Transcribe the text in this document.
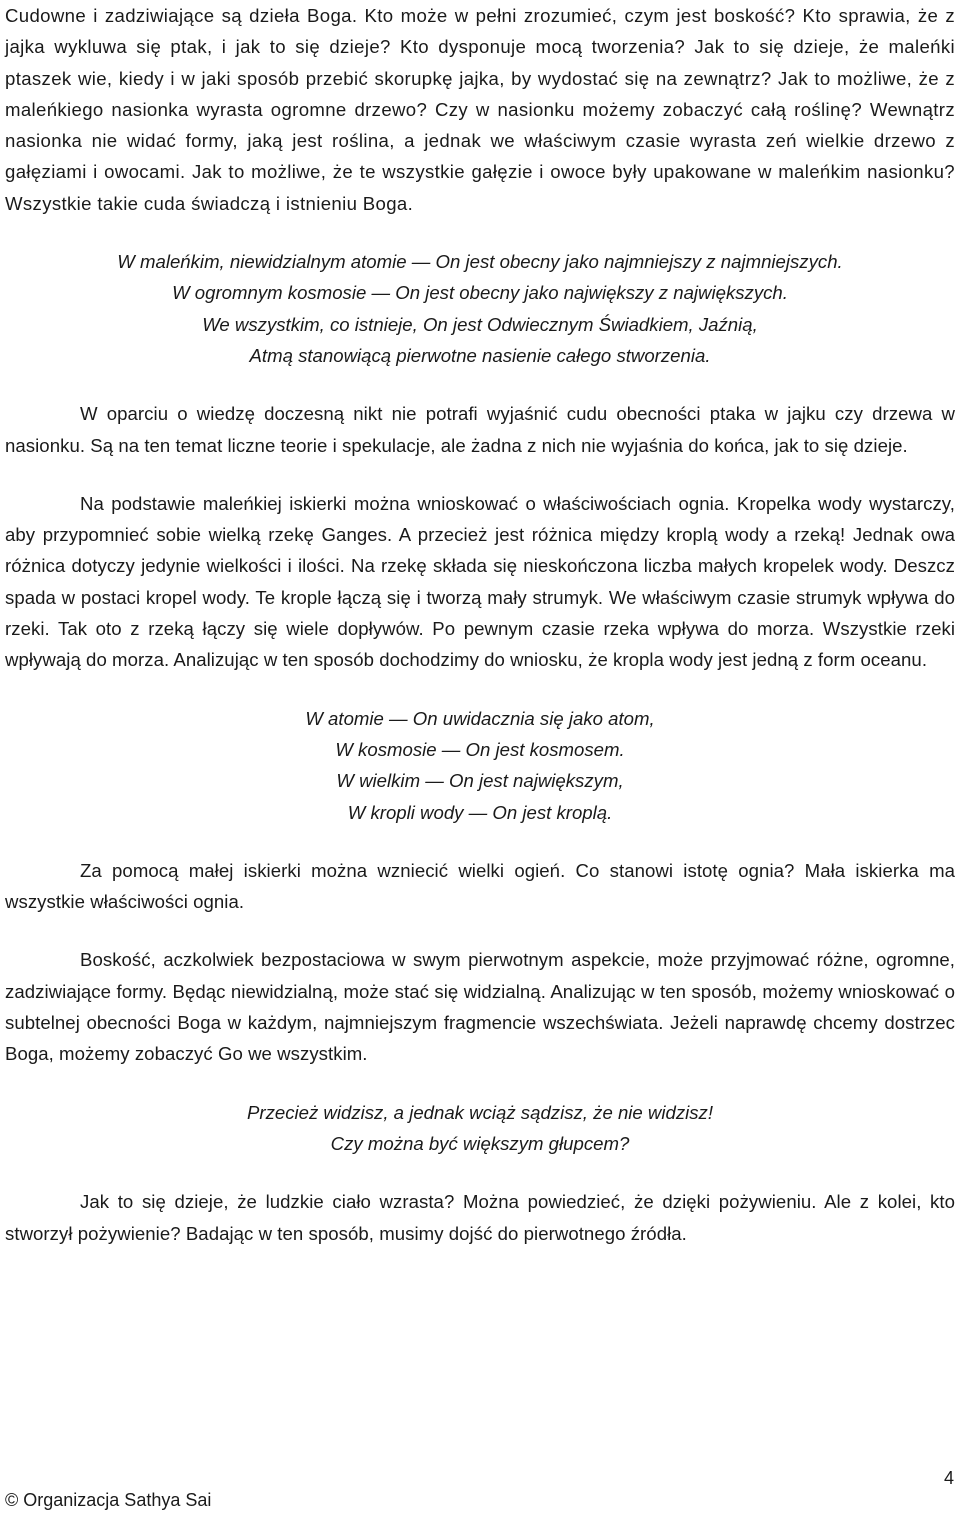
Cudowne i zadziwiające są dzieła Boga. Kto może w pełni zrozumieć, czym jest boskość? Kto sprawia, że z jajka wykluwa się ptak, i jak to się dzieje? Kto dysponuje mocą tworzenia? Jak to się dzieje, że maleńki ptaszek wie, kiedy i w jaki sposób przebić skorupkę jajka, by wydostać się na zewnątrz? Jak to możliwe, że z maleńkiego nasionka wyrasta ogromne drzewo? Czy w nasionku możemy zobaczyć całą roślinę? Wewnątrz nasionka nie widać formy, jaką jest roślina, a jednak we właściwym czasie wyrasta zeń wielkie drzewo z gałęziami i owocami. Jak to możliwe, że te wszystkie gałęzie i owoce były upakowane w maleńkim nasionku? Wszystkie takie cuda świadczą i istnieniu Boga.

W maleńkim, niewidzialnym atomie — On jest obecny jako najmniejszy z najmniejszych.
W ogromnym kosmosie — On jest obecny jako największy z największych.
We wszystkim, co istnieje, On jest Odwiecznym Świadkiem, Jaźnią,
Atmą stanowiącą pierwotne nasienie całego stworzenia.

W oparciu o wiedzę doczesną nikt nie potrafi wyjaśnić cudu obecności ptaka w jajku czy drzewa w nasionku. Są na ten temat liczne teorie i spekulacje, ale żadna z nich nie wyjaśnia do końca, jak to się dzieje.

Na podstawie maleńkiej iskierki można wnioskować o właściwościach ognia. Kropelka wody wystarczy, aby przypomnieć sobie wielką rzekę Ganges. A przecież jest różnica między kroplą wody a rzeką! Jednak owa różnica dotyczy jedynie wielkości i ilości. Na rzekę składa się nieskończona liczba małych kropelek wody. Deszcz spada w postaci kropel wody. Te krople łączą się i tworzą mały strumyk. We właściwym czasie strumyk wpływa do rzeki. Tak oto z rzeką łączy się wiele dopływów. Po pewnym czasie rzeka wpływa do morza. Wszystkie rzeki wpływają do morza. Analizując w ten sposób dochodzimy do wniosku, że kropla wody jest jedną z form oceanu.

W atomie — On uwidacznia się jako atom,
W kosmosie — On jest kosmosem.
W wielkim — On jest największym,
W kropli wody — On jest kroplą.

Za pomocą małej iskierki można wzniecić wielki ogień. Co stanowi istotę ognia? Mała iskierka ma wszystkie właściwości ognia.

Boskość, aczkolwiek bezpostaciowa w swym pierwotnym aspekcie, może przyjmować różne, ogromne, zadziwiające formy. Będąc niewidzialną, może stać się widzialną. Analizując w ten sposób, możemy wnioskować o subtelnej obecności Boga w każdym, najmniejszym fragmencie wszechświata. Jeżeli naprawdę chcemy dostrzec Boga, możemy zobaczyć Go we wszystkim.

Przecież widzisz, a jednak wciąż sądzisz, że nie widzisz!
Czy można być większym głupcem?

Jak to się dzieje, że ludzkie ciało wzrasta? Można powiedzieć, że dzięki pożywieniu. Ale z kolei, kto stworzył pożywienie? Badając w ten sposób, musimy dojść do pierwotnego źródła.

© Organizacja Sathya Sai
4
